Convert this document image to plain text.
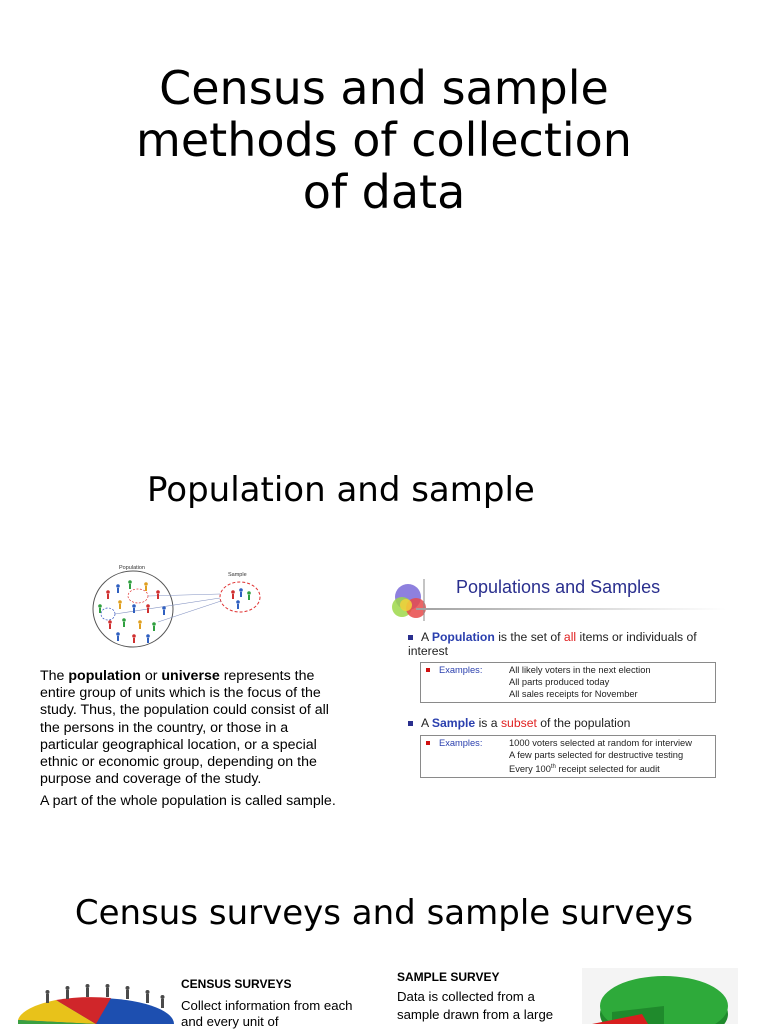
Census and sample
methods of collection
of data
Population and sample
Population
Sample

The population or universe represents the entire group of units which is the focus of the study. Thus, the population could consist of all the persons in the country, or those in a particular geographical location, or a special ethnic or economic group, depending on the purpose and coverage of the study.

A part of the whole population is called sample.

Populations and Samples
A Population is the set of all items or individuals of interest
Examples:	All likely voters in the next election
All parts produced today
All sales receipts for November
A Sample is a subset of the population
Examples:	1000 voters selected at random for interview
A few parts selected for destructive testing
Every 100th receipt selected for audit
Census surveys and sample surveys
CENSUS SURVEYS
Collect information from each and every unit of
SAMPLE SURVEY
Data is collected from a sample drawn from a large
